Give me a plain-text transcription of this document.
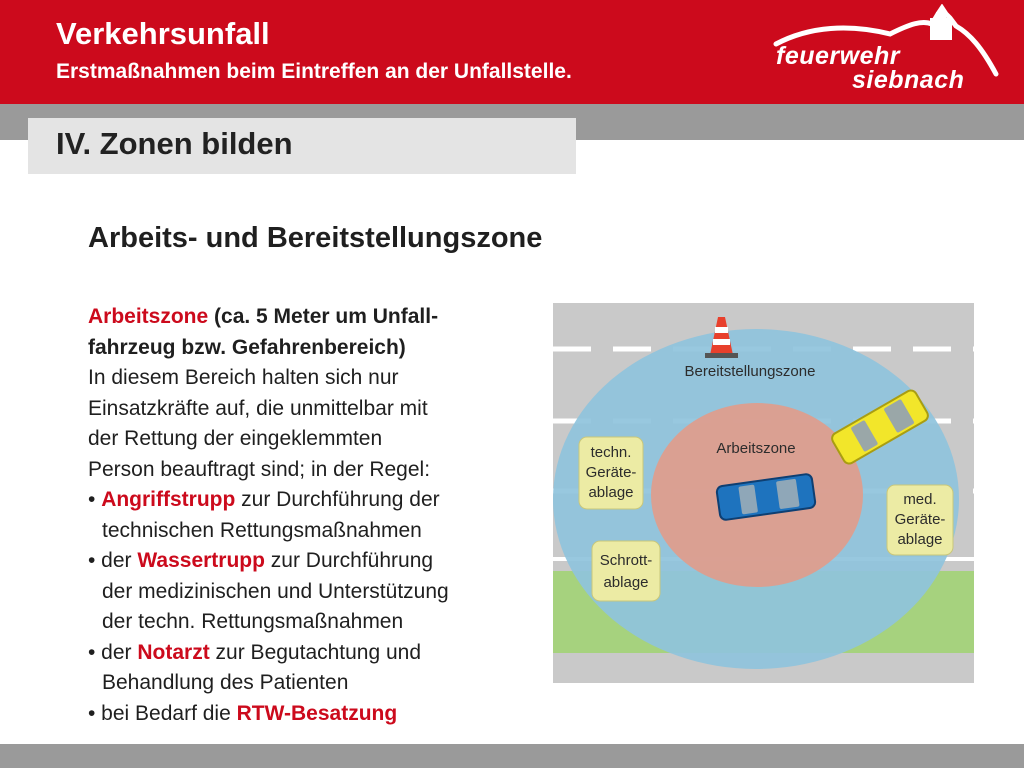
Verkehrsunfall
Erstmaßnahmen beim Eintreffen an der Unfallstelle.
feuerwehr
siebnach
IV. Zonen bilden
Arbeits- und Bereitstellungszone
Arbeitszone (ca. 5 Meter um Unfall-
fahrzeug bzw. Gefahrenbereich)
In diesem Bereich halten sich nur
Einsatzkräfte auf, die unmittelbar mit
der Rettung der eingeklemmten
Person beauftragt sind; in der Regel:
• Angriffstrupp zur Durchführung der
technischen Rettungsmaßnahmen
• der Wassertrupp zur Durchführung
der medizinischen und Unterstützung
der techn. Rettungsmaßnahmen
• der Notarzt zur Begutachtung und
Behandlung des Patienten
• bei Bedarf die RTW-Besatzung
Bereitstellungszone
Arbeitszone
techn.
Geräte-
ablage	med.
Geräte-
ablage
Schrott-
ablage
